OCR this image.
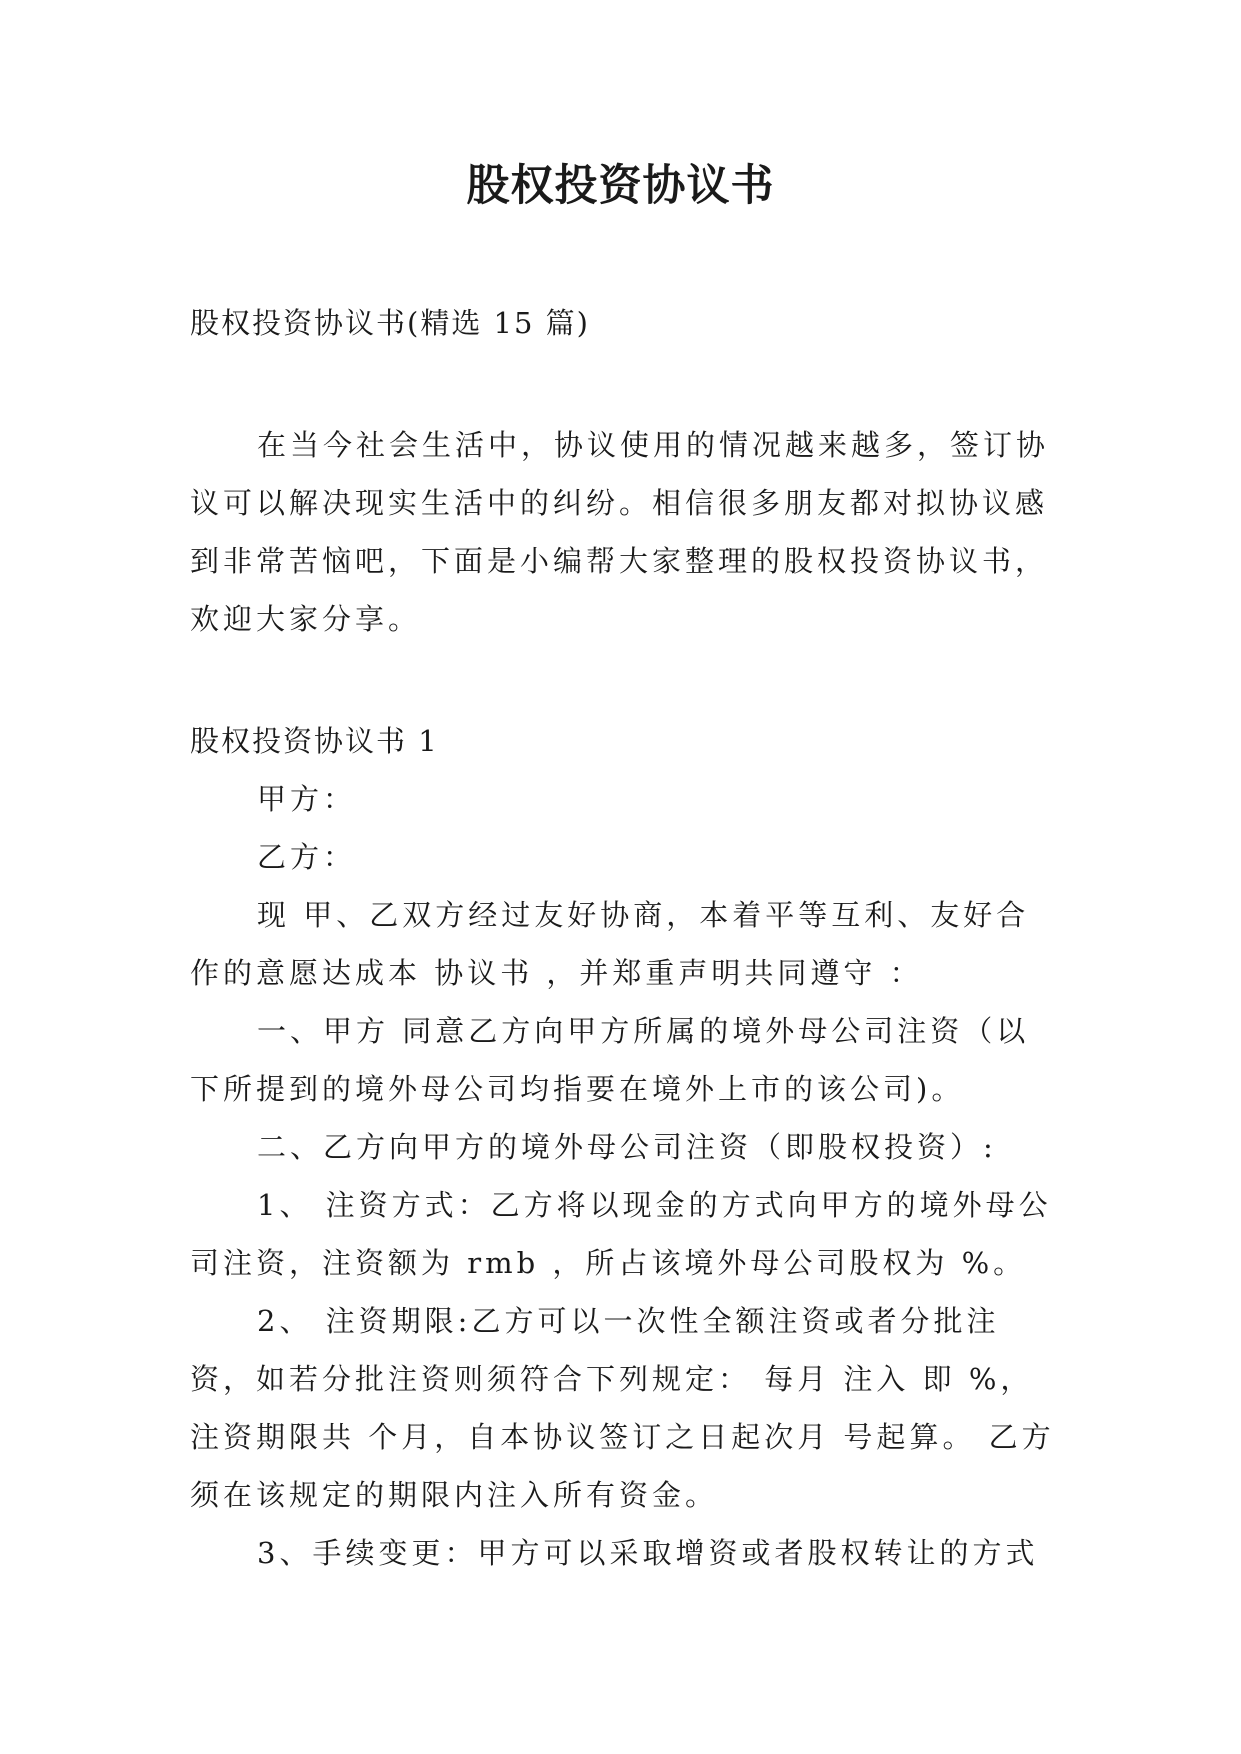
股权投资协议书

股权投资协议书(精选 15 篇)

在当今社会生活中，协议使用的情况越来越多，签订协议可以解决现实生活中的纠纷。相信很多朋友都对拟协议感到非常苦恼吧，下面是小编帮大家整理的股权投资协议书，欢迎大家分享。

股权投资协议书 1

甲方：

乙方：

现 甲、乙双方经过友好协商，本着平等互利、友好合作的意愿达成本 协议书 ，并郑重声明共同遵守 ：

一、甲方 同意乙方向甲方所属的境外母公司注资（以下所提到的境外母公司均指要在境外上市的该公司)。

二、乙方向甲方的境外母公司注资（即股权投资）:

1、 注资方式：乙方将以现金的方式向甲方的境外母公司注资，注资额为 rmb ，所占该境外母公司股权为 %。

2、 注资期限:乙方可以一次性全额注资或者分批注资，如若分批注资则须符合下列规定： 每月 注入 即 %，注资期限共 个月，自本协议签订之日起次月 号起算。 乙方须在该规定的期限内注入所有资金。

3、手续变更：甲方可以采取增资或者股权转让的方式
